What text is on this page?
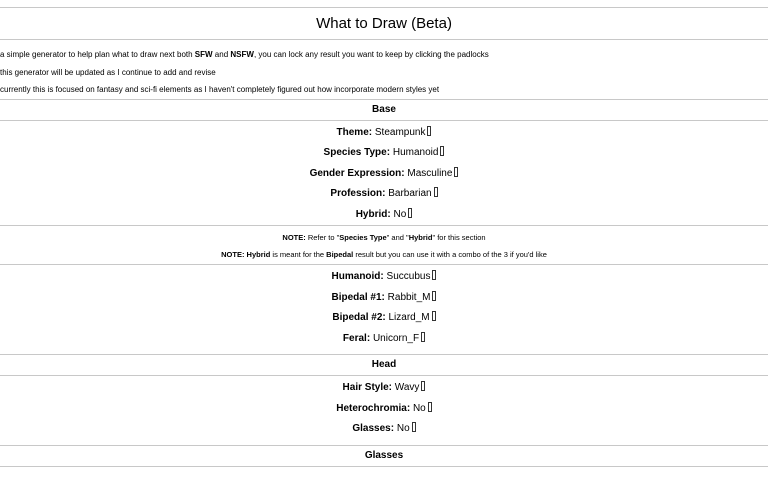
What to Draw (Beta)

a simple generator to help plan what to draw next both SFW and NSFW, you can lock any result you want to keep by clicking the padlocks

this generator will be updated as I continue to add and revise

currently this is focused on fantasy and sci-fi elements as I haven't completely figured out how incorporate modern styles yet

Base
Theme: Steampunk
Species Type: Humanoid
Gender Expression: Masculine
Profession: Barbarian
Hybrid: No

NOTE: Refer to "Species Type" and "Hybrid" for this section

NOTE: Hybrid is meant for the Bipedal result but you can use it with a combo of the 3 if you'd like

Humanoid: Succubus
Bipedal #1: Rabbit_M
Bipedal #2: Lizard_M
Feral: Unicorn_F
Head
Hair Style: Wavy
Heterochromia: No
Glasses: No
Glasses
